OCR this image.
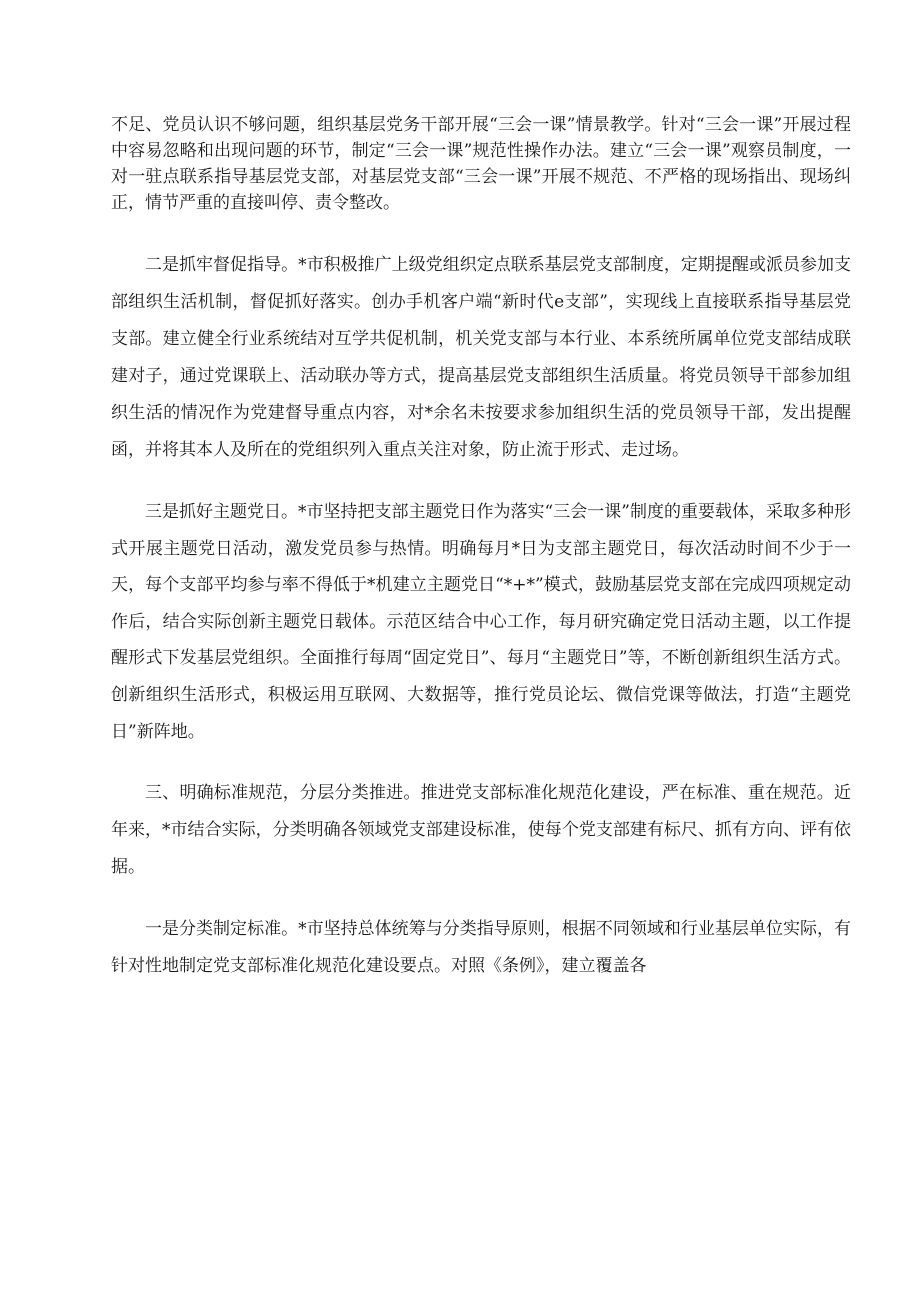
不足、党员认识不够问题，组织基层党务干部开展“三会一课”情景教学。针对“三会一课”开展过程中容易忽略和出现问题的环节，制定“三会一课”规范性操作办法。建立“三会一课”观察员制度，一对一驻点联系指导基层党支部，对基层党支部“三会一课”开展不规范、不严格的现场指出、现场纠正，情节严重的直接叫停、责令整改。

二是抓牢督促指导。*市积极推广上级党组织定点联系基层党支部制度，定期提醒或派员参加支部组织生活机制，督促抓好落实。创办手机客户端“新时代e支部”，实现线上直接联系指导基层党支部。建立健全行业系统结对互学共促机制，机关党支部与本行业、本系统所属单位党支部结成联建对子，通过党课联上、活动联办等方式，提高基层党支部组织生活质量。将党员领导干部参加组织生活的情况作为党建督导重点内容，对*余名未按要求参加组织生活的党员领导干部，发出提醒函，并将其本人及所在的党组织列入重点关注对象，防止流于形式、走过场。

三是抓好主题党日。*市坚持把支部主题党日作为落实“三会一课”制度的重要载体，采取多种形式开展主题党日活动，激发党员参与热情。明确每月*日为支部主题党日，每次活动时间不少于一天，每个支部平均参与率不得低于*机建立主题党日“*+*”模式，鼓励基层党支部在完成四项规定动作后，结合实际创新主题党日载体。示范区结合中心工作，每月研究确定党日活动主题，以工作提醒形式下发基层党组织。全面推行每周“固定党日”、每月“主题党日”等，不断创新组织生活方式。创新组织生活形式，积极运用互联网、大数据等，推行党员论坛、微信党课等做法，打造“主题党日”新阵地。

三、明确标准规范，分层分类推进。推进党支部标准化规范化建设，严在标准、重在规范。近年来，*市结合实际，分类明确各领域党支部建设标准，使每个党支部建有标尺、抓有方向、评有依据。

一是分类制定标准。*市坚持总体统筹与分类指导原则，根据不同领域和行业基层单位实际，有针对性地制定党支部标准化规范化建设要点。对照《条例》，建立覆盖各
